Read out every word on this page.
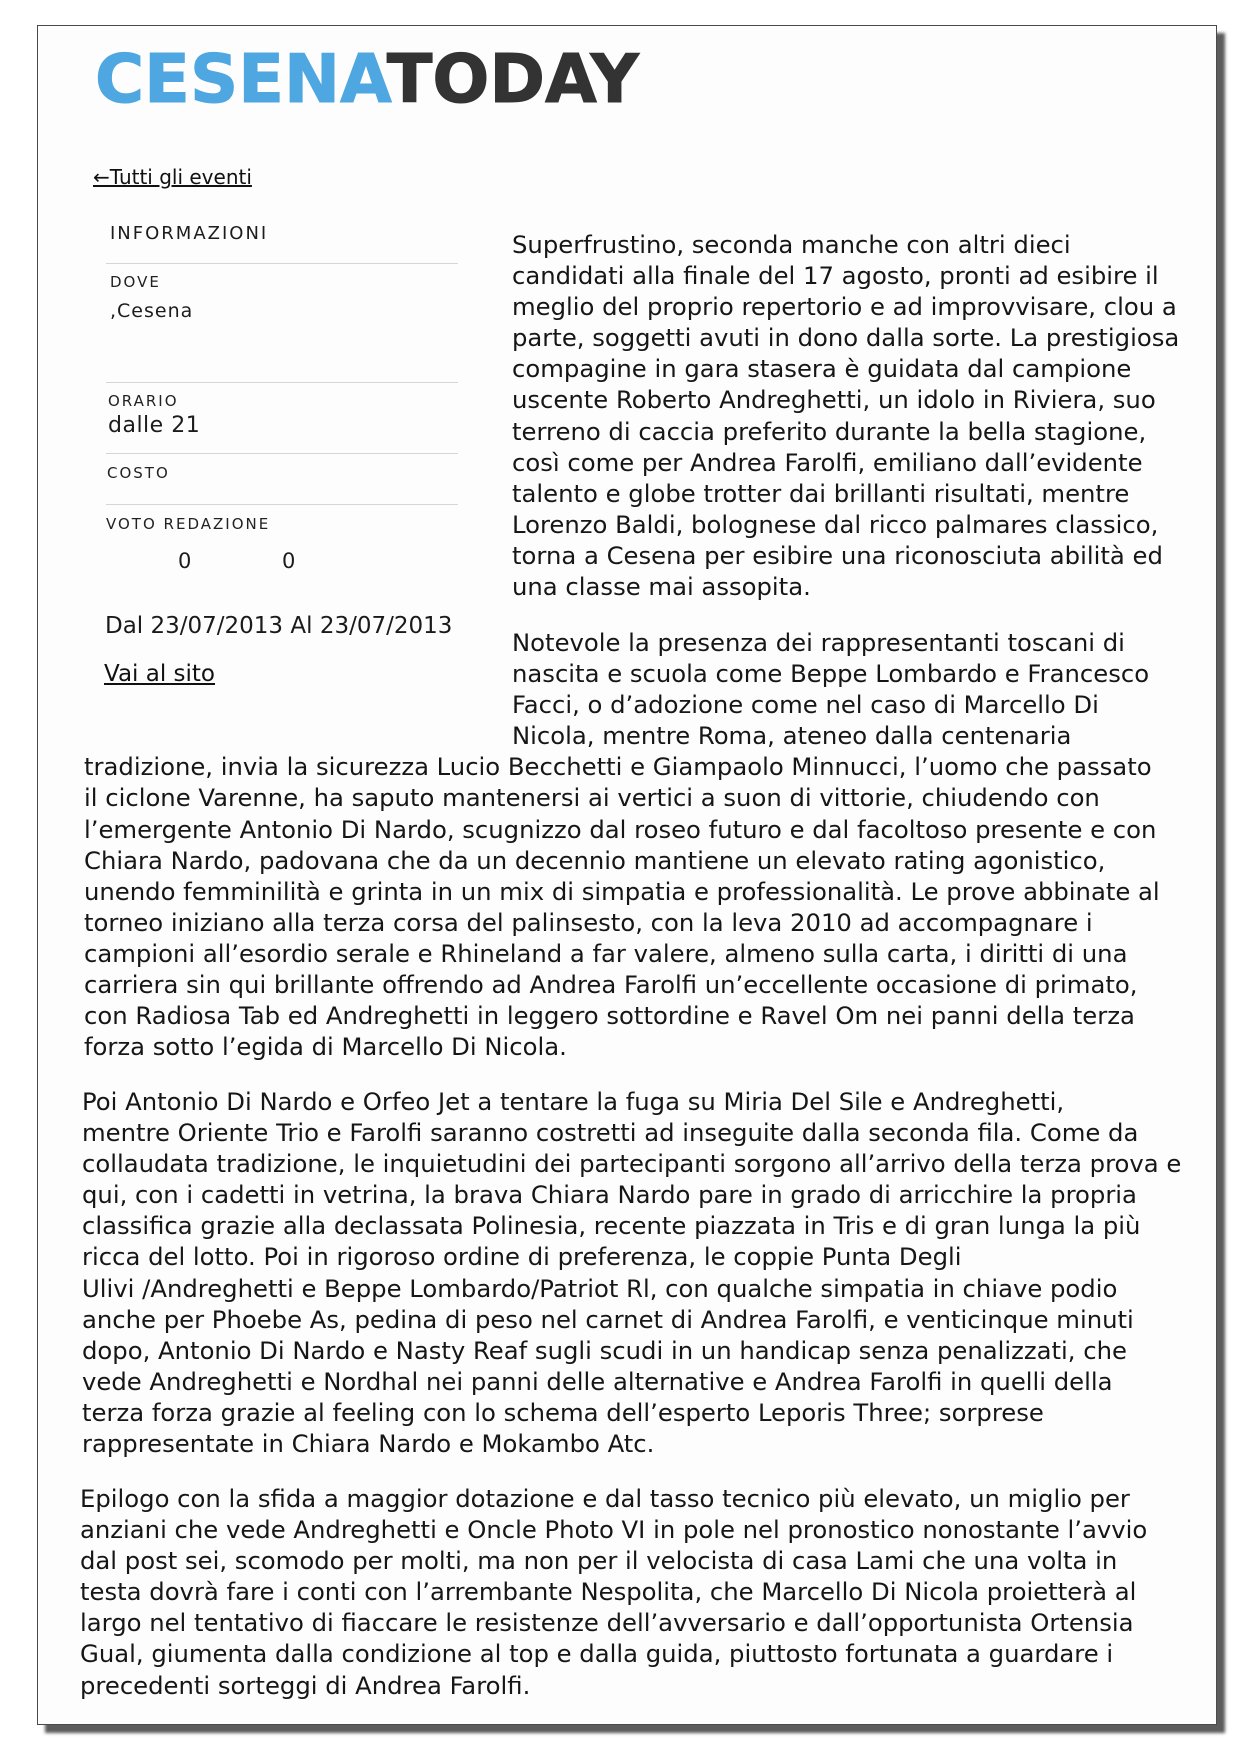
CESENATODAY
←Tutti gli eventi
INFORMAZIONI
DOVE
,Cesena
ORARIO
dalle 21
COSTO
VOTO REDAZIONE
0	0
Dal 23/07/2013 Al 23/07/2013
Vai al sito
Superfrustino, seconda manche con altri dieci
candidati alla finale del 17 agosto, pronti ad esibire il
meglio del proprio repertorio e ad improvvisare, clou a
parte, soggetti avuti in dono dalla sorte. La prestigiosa
compagine in gara stasera è guidata dal campione
uscente Roberto Andreghetti, un idolo in Riviera, suo
terreno di caccia preferito durante la bella stagione,
così come per Andrea Farolfi, emiliano dall’evidente
talento e globe trotter dai brillanti risultati, mentre
Lorenzo Baldi, bolognese dal ricco palmares classico,
torna a Cesena per esibire una riconosciuta abilità ed
una classe mai assopita.
Notevole la presenza dei rappresentanti toscani di
nascita e scuola come Beppe Lombardo e Francesco
Facci, o d’adozione come nel caso di Marcello Di
Nicola, mentre Roma, ateneo dalla centenaria
tradizione, invia la sicurezza Lucio Becchetti e Giampaolo Minnucci, l’uomo che passato
il ciclone Varenne, ha saputo mantenersi ai vertici a suon di vittorie, chiudendo con
l’emergente Antonio Di Nardo, scugnizzo dal roseo futuro e dal facoltoso presente e con
Chiara Nardo, padovana che da un decennio mantiene un elevato rating agonistico,
unendo femminilità e grinta in un mix di simpatia e professionalità. Le prove abbinate al
torneo iniziano alla terza corsa del palinsesto, con la leva 2010 ad accompagnare i
campioni all’esordio serale e Rhineland a far valere, almeno sulla carta, i diritti di una
carriera sin qui brillante offrendo ad Andrea Farolfi un’eccellente occasione di primato,
con Radiosa Tab ed Andreghetti in leggero sottordine e Ravel Om nei panni della terza
forza sotto l’egida di Marcello Di Nicola.
Poi Antonio Di Nardo e Orfeo Jet a tentare la fuga su Miria Del Sile e Andreghetti,
mentre Oriente Trio e Farolfi saranno costretti ad inseguite dalla seconda fila. Come da
collaudata tradizione, le inquietudini dei partecipanti sorgono all’arrivo della terza prova e
qui, con i cadetti in vetrina, la brava Chiara Nardo pare in grado di arricchire la propria
classifica grazie alla declassata Polinesia, recente piazzata in Tris e di gran lunga la più
ricca del lotto. Poi in rigoroso ordine di preferenza, le coppie Punta Degli
Ulivi /Andreghetti e Beppe Lombardo/Patriot Rl, con qualche simpatia in chiave podio
anche per Phoebe As, pedina di peso nel carnet di Andrea Farolfi, e venticinque minuti
dopo, Antonio Di Nardo e Nasty Reaf sugli scudi in un handicap senza penalizzati, che
vede Andreghetti e Nordhal nei panni delle alternative e Andrea Farolfi in quelli della
terza forza grazie al feeling con lo schema dell’esperto Leporis Three; sorprese
rappresentate in Chiara Nardo e Mokambo Atc.
Epilogo con la sfida a maggior dotazione e dal tasso tecnico più elevato, un miglio per
anziani che vede Andreghetti e Oncle Photo VI in pole nel pronostico nonostante l’avvio
dal post sei, scomodo per molti, ma non per il velocista di casa Lami che una volta in
testa dovrà fare i conti con l’arrembante Nespolita, che Marcello Di Nicola proietterà al
largo nel tentativo di fiaccare le resistenze dell’avversario e dall’opportunista Ortensia
Gual, giumenta dalla condizione al top e dalla guida, piuttosto fortunata a guardare i
precedenti sorteggi di Andrea Farolfi.
